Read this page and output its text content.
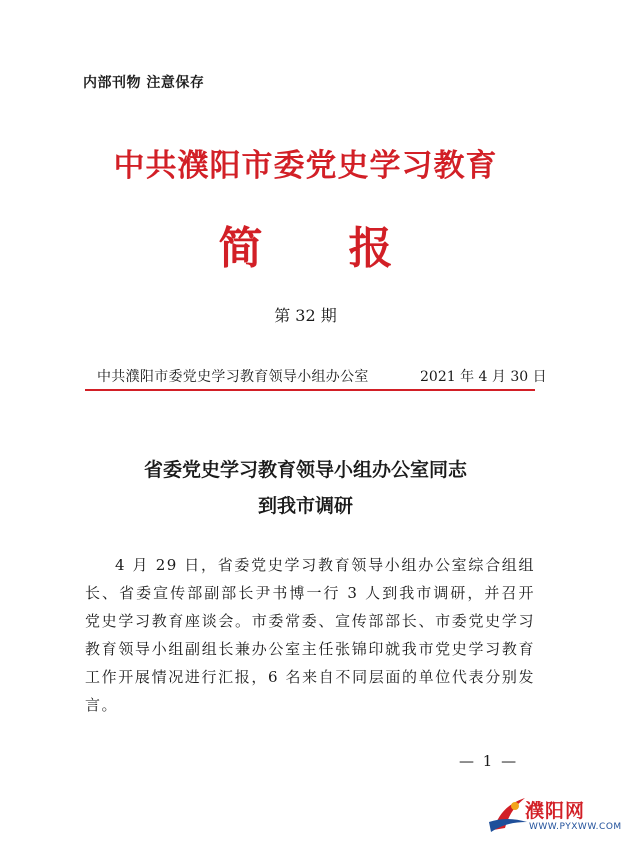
内部刊物 注意保存
中共濮阳市委党史学习教育
简报
第 32 期
中共濮阳市委党史学习教育领导小组办公室	2021 年 4 月 30 日
省委党史学习教育领导小组办公室同志
到我市调研
4 月 29 日，省委党史学习教育领导小组办公室综合组组长、省委宣传部副部长尹书博一行 3 人到我市调研，并召开党史学习教育座谈会。市委常委、宣传部部长、市委党史学习教育领导小组副组长兼办公室主任张锦印就我市党史学习教育工作开展情况进行汇报，6 名来自不同层面的单位代表分别发言。
— 1 —
濮阳网
WWW.PYXWW.COM
